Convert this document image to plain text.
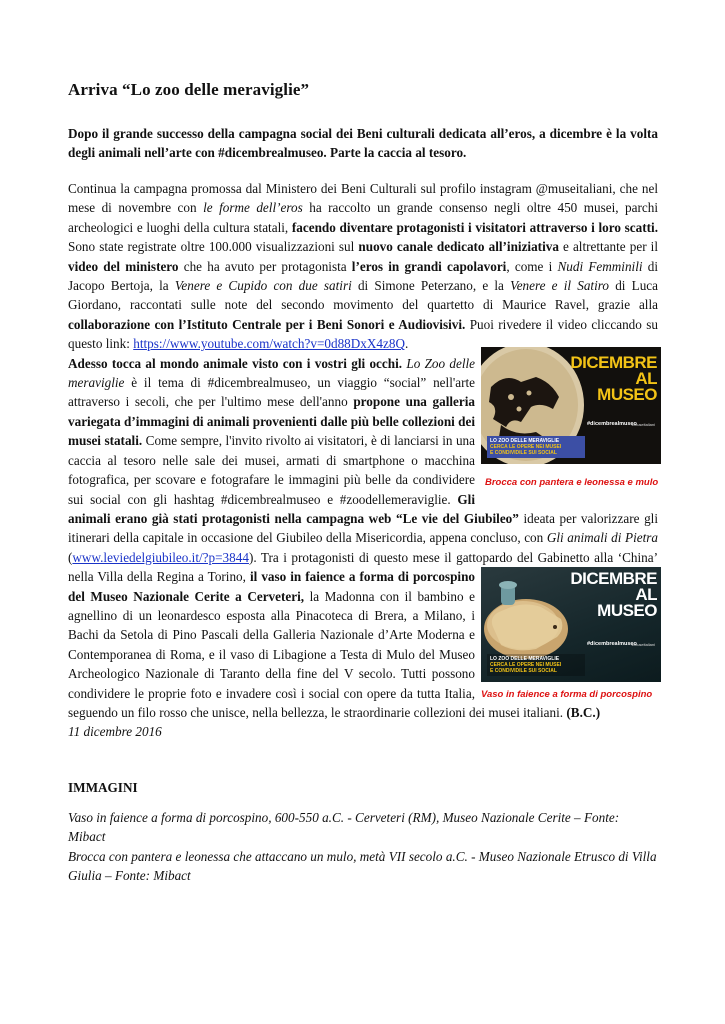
Arriva “Lo zoo delle meraviglie”

Dopo il grande successo della campagna social dei Beni culturali dedicata all’eros, a dicembre è la volta degli animali nell’arte con #dicembrealmuseo. Parte la caccia al tesoro.

Continua la campagna promossa dal Ministero dei Beni Culturali sul profilo instagram @museitaliani, che nel mese di novembre con le forme dell’eros ha raccolto un grande consenso negli oltre 450 musei, parchi archeologici e luoghi della cultura statali, facendo diventare protagonisti i visitatori attraverso i loro scatti. Sono state registrate oltre 100.000 visualizzazioni sul nuovo canale dedicato all’iniziativa e altrettante per il video del ministero che ha avuto per protagonista l’eros in grandi capolavori, come i Nudi Femminili di Jacopo Bertoja, la Venere e Cupido con due satiri di Simone Peterzano, e la Venere e il Satiro di Luca Giordano, raccontati sulle note del secondo movimento del quartetto di Maurice Ravel, grazie alla collaborazione con l’Istituto Centrale per i Beni Sonori e Audiovisivi. Puoi rivedere il video cliccando su questo link: https://www.youtube.com/watch?v=0d88DxX4z8Q.

DICEMBRE
AL
MUSEO
#dicembrealmuseo
#museitaliani
LO ZOO DELLE MERAVIGLIE
CERCA LE OPERE NEI MUSEI
E CONDIVIDILE SUI SOCIAL
Brocca con pantera e leonessa e mulo

Adesso tocca al mondo animale visto con i vostri gli occhi. Lo Zoo delle meraviglie è il tema di #dicembrealmuseo, un viaggio “social” nell'arte attraverso i secoli, che per l'ultimo mese dell'anno propone una galleria variegata d’immagini di animali provenienti dalle più belle collezioni dei musei statali. Come sempre, l'invito rivolto ai visitatori, è di lanciarsi in una caccia al tesoro nelle sale dei musei, armati di smartphone o macchina fotografica, per scovare e fotografare le immagini più belle da condividere sui social con gli hashtag #dicembrealmuseo e #zoodellemeraviglie. Gli animali erano già stati protagonisti nella campagna web “Le vie del Giubileo” ideata per valorizzare gli itinerari della capitale in occasione del Giubileo della Misericordia, appena concluso, con Gli animali di Pietra (www.leviedelgiubileo.it/?p=3844). Tra i protagonisti di questo mese il gattopardo del Gabinetto alla ‘China’ nella Villa della Regina a Torino,	DICEMBRE
AL
MUSEO
#dicembrealmuseo
#museitaliani
LO ZOO DELLE MERAVIGLIE
CERCA LE OPERE NEI MUSEI
E CONDIVIDILE SUI SOCIAL
Vaso in faience a forma di porcospino
il vaso in faience a forma di porcospino del Museo Nazionale Cerite a Cerveteri, la Madonna con il bambino e agnellino di un leonardesco esposta alla Pinacoteca di Brera, a Milano, i Bachi da Setola di Pino Pascali della Galleria Nazionale d’Arte Moderna e Contemporanea di Roma, e il vaso di Libagione a Testa di Mulo del Museo Archeologico Nazionale di Taranto della fine del V secolo. Tutti possono condividere le proprie foto e invadere così i social con opere da tutta Italia, seguendo un filo rosso che unisce, nella bellezza, le straordinarie collezioni dei musei italiani. (B.C.)

11 dicembre 2016

IMMAGINI

Vaso in faience a forma di porcospino, 600-550 a.C. - Cerveteri (RM), Museo Nazionale Cerite – Fonte: Mibact

Brocca con pantera e leonessa che attaccano un mulo, metà VII secolo a.C. - Museo Nazionale Etrusco di Villa Giulia – Fonte: Mibact
